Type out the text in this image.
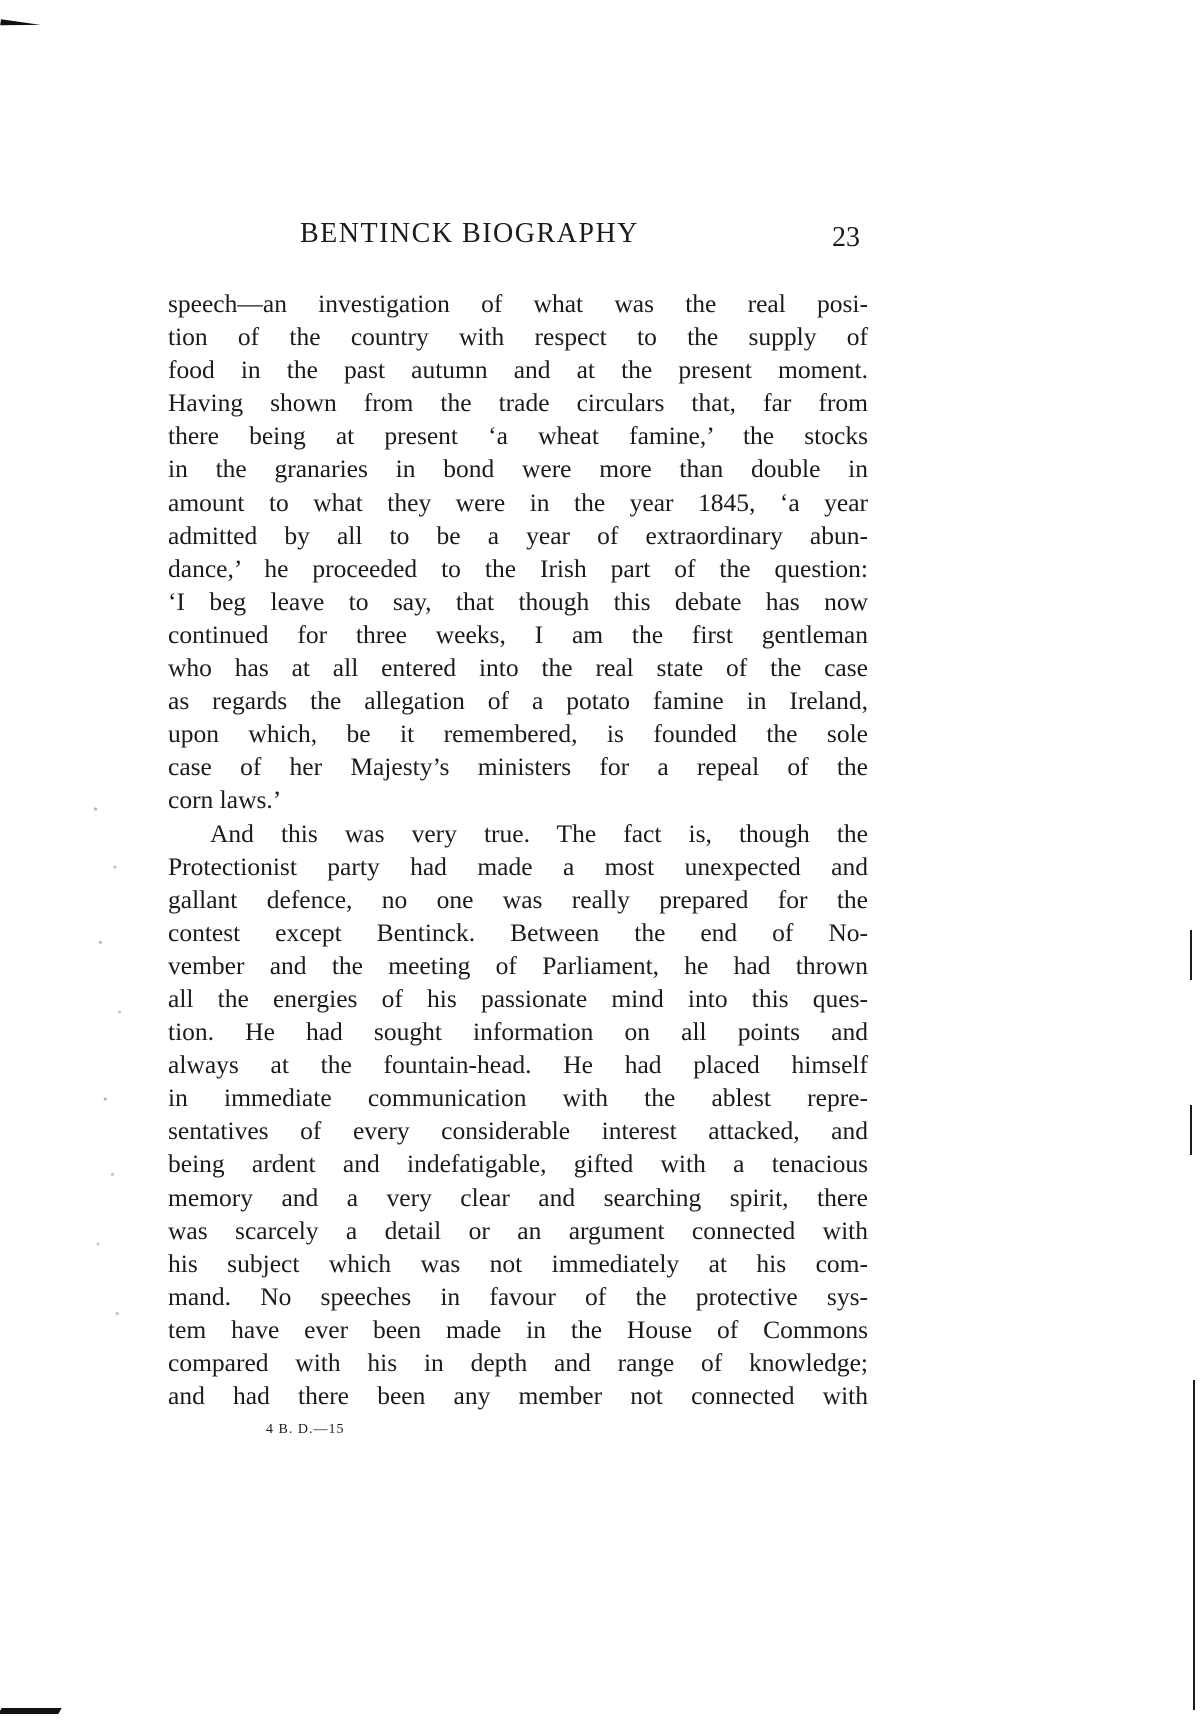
BENTINCK BIOGRAPHY	23
speech—an investigation of what was the real posi-
tion of the country with respect to the supply of
food in the past autumn and at the present moment.
Having shown from the trade circulars that, far from
there being at present ‘a wheat famine,’ the stocks
in the granaries in bond were more than double in
amount to what they were in the year 1845, ‘a year
admitted by all to be a year of extraordinary abun-
dance,’ he proceeded to the Irish part of the question:
‘I beg leave to say, that though this debate has now
continued for three weeks, I am the first gentleman
who has at all entered into the real state of the case
as regards the allegation of a potato famine in Ireland,
upon which, be it remembered, is founded the sole
case of her Majesty’s ministers for a repeal of the
corn laws.’
And this was very true. The fact is, though the
Protectionist party had made a most unexpected and
gallant defence, no one was really prepared for the
contest except Bentinck. Between the end of No-
vember and the meeting of Parliament, he had thrown
all the energies of his passionate mind into this ques-
tion. He had sought information on all points and
always at the fountain-head. He had placed himself
in immediate communication with the ablest repre-
sentatives of every considerable interest attacked, and
being ardent and indefatigable, gifted with a tenacious
memory and a very clear and searching spirit, there
was scarcely a detail or an argument connected with
his subject which was not immediately at his com-
mand. No speeches in favour of the protective sys-
tem have ever been made in the House of Commons
compared with his in depth and range of knowledge;
and had there been any member not connected with
4 B. D.—15
